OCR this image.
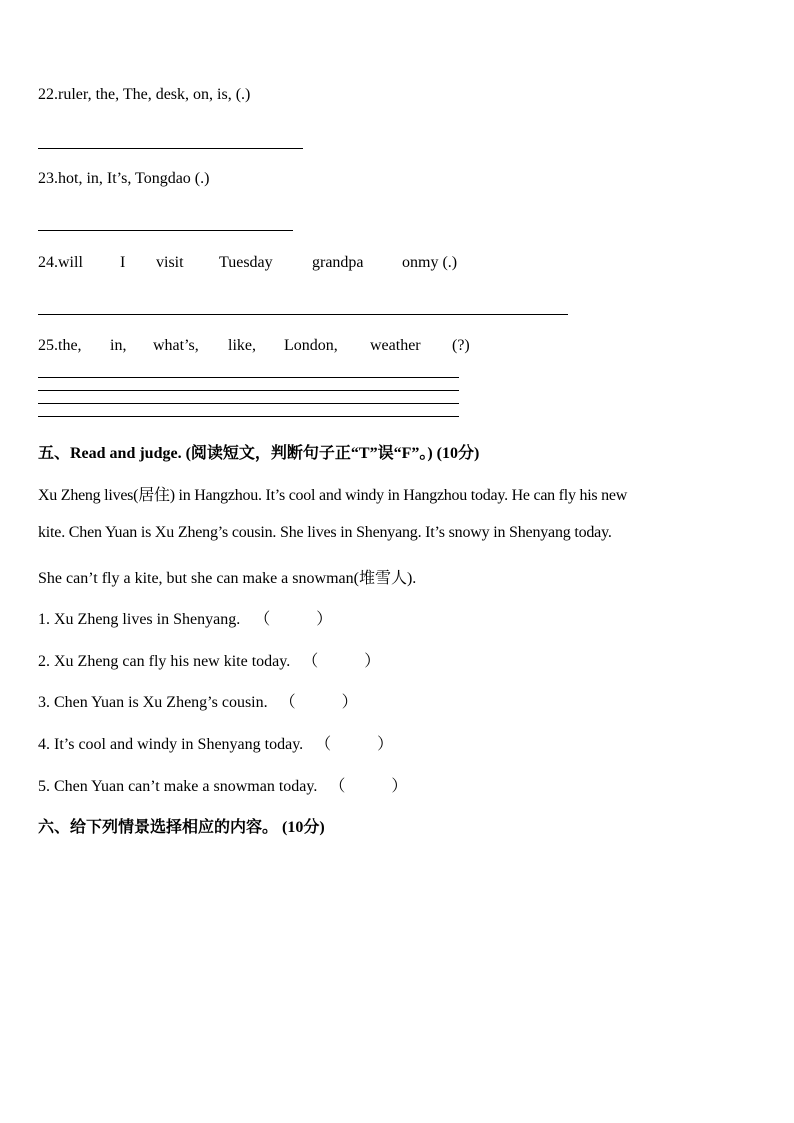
22.ruler, the, The, desk, on, is, (.)
23.hot, in, It’s, Tongdao (.)
24.will I visit Tuesday grandpa onmy (.)
25.the, in, what’s, like, London, weather (?)
五、Read and judge. (阅读短文，判断句子正“T”误“F”。) (10分)
Xu Zheng lives(居住) in Hangzhou. It’s cool and windy in Hangzhou today. He can fly his new
kite. Chen Yuan is Xu Zheng’s cousin. She lives in Shenyang. It’s snowy in Shenyang today.
She can’t fly a kite, but she can make a snowman(堆雪人).
1. Xu Zheng lives in Shenyang. （	）
2. Xu Zheng can fly his new kite today. （	）
3. Chen Yuan is Xu Zheng’s cousin. （	）
4. It’s cool and windy in Shenyang today. （	）
5. Chen Yuan can’t make a snowman today. （	）
六、给下列情景选择相应的内容。 (10分)
